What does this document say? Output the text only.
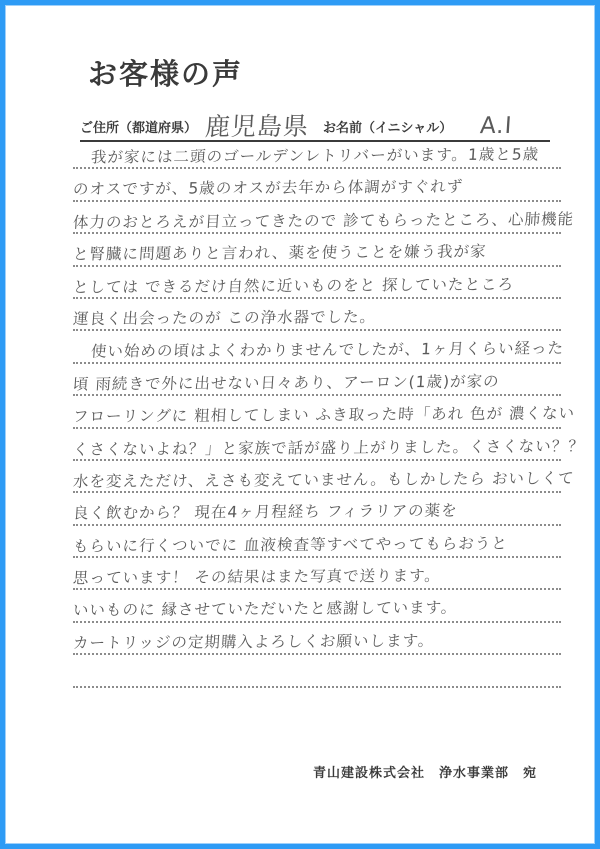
お客様の声
ご住所（都道府県） 鹿児島県 お名前（イニシャル） A.I
我が家には二頭のゴールデンレトリバーがいます。1歳と5歳
のオスですが、5歳のオスが去年から体調がすぐれず
体力のおとろえが目立ってきたので 診てもらったところ、心肺機能
と腎臓に問題ありと言われ、薬を使うことを嫌う我が家
としては できるだけ自然に近いものをと 探していたところ
運良く出会ったのが この浄水器でした。
使い始めの頃はよくわかりませんでしたが、1ヶ月くらい経った
頃 雨続きで外に出せない日々あり、アーロン(1歳)が家の
フローリングに 粗相してしまい ふき取った時「あれ 色が 濃くない
くさくないよね？」と家族で話が盛り上がりました。くさくない？？
水を変えただけ、えさも変えていません。もしかしたら おいしくて
良く飲むから？ 現在4ヶ月程経ち フィラリアの薬を
もらいに行くついでに 血液検査等すべてやってもらおうと
思っています！ その結果はまた写真で送ります。
いいものに 縁させていただいたと感謝しています。
カートリッジの定期購入よろしくお願いします。
青山建設株式会社　浄水事業部　宛
